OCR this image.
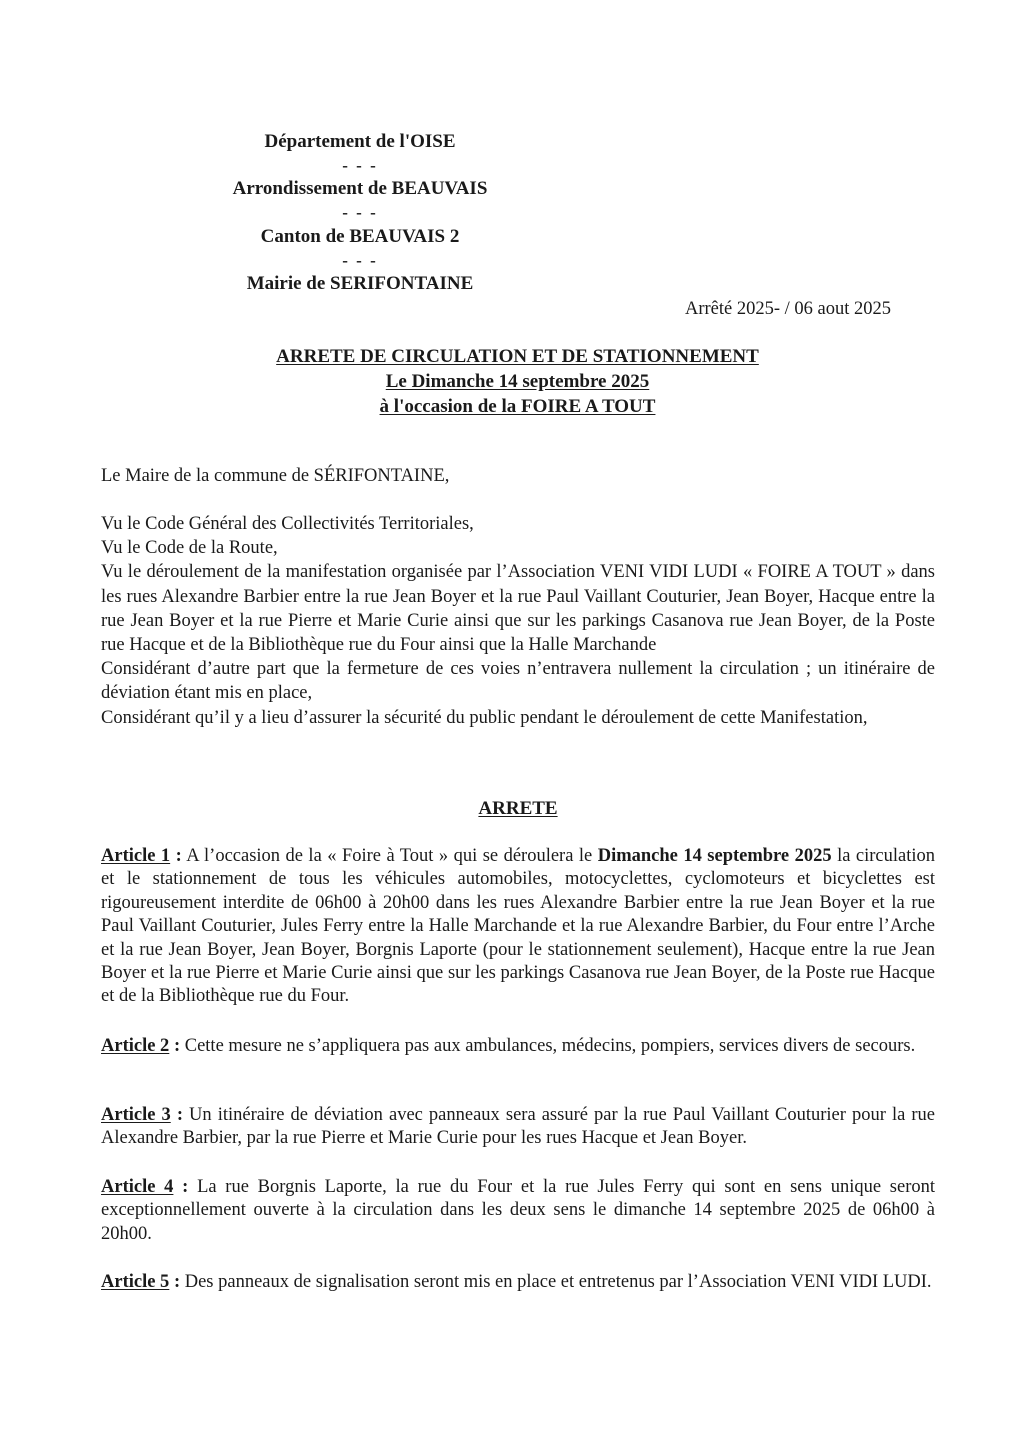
Département de l'OISE

- - -

Arrondissement de BEAUVAIS

- - -

Canton de BEAUVAIS 2

- - -

Mairie de SERIFONTAINE

Arrêté 2025- / 06 aout 2025
ARRETE DE CIRCULATION ET DE STATIONNEMENT
Le Dimanche 14 septembre 2025
à l'occasion de la FOIRE A TOUT

Le Maire de la commune de SÉRIFONTAINE,

Vu le Code Général des Collectivités Territoriales,

Vu le Code de la Route,

Vu le déroulement de la manifestation organisée par l’Association VENI VIDI LUDI « FOIRE A TOUT » dans les rues Alexandre Barbier entre la rue Jean Boyer et la rue Paul Vaillant Couturier, Jean Boyer, Hacque entre la rue Jean Boyer et la rue Pierre et Marie Curie ainsi que sur les parkings Casanova rue Jean Boyer, de la Poste rue Hacque et de la Bibliothèque rue du Four ainsi que la Halle Marchande

Considérant d’autre part que la fermeture de ces voies n’entravera nullement la circulation ; un itinéraire de déviation étant mis en place,

Considérant qu’il y a lieu d’assurer la sécurité du public pendant le déroulement de cette Manifestation,

ARRETE

Article 1 : A l’occasion de la « Foire à Tout » qui se déroulera le Dimanche 14 septembre 2025 la circulation et le stationnement de tous les véhicules automobiles, motocyclettes, cyclomoteurs et bicyclettes est rigoureusement interdite de 06h00 à 20h00 dans les rues Alexandre Barbier entre la rue Jean Boyer et la rue Paul Vaillant Couturier, Jules Ferry entre la Halle Marchande et la rue Alexandre Barbier, du Four entre l’Arche et la rue Jean Boyer, Jean Boyer, Borgnis Laporte (pour le stationnement seulement), Hacque entre la rue Jean Boyer et la rue Pierre et Marie Curie ainsi que sur les parkings Casanova rue Jean Boyer, de la Poste rue Hacque et de la Bibliothèque rue du Four.

Article 2 : Cette mesure ne s’appliquera pas aux ambulances, médecins, pompiers, services divers de secours.

Article 3 : Un itinéraire de déviation avec panneaux sera assuré par la rue Paul Vaillant Couturier pour la rue Alexandre Barbier, par la rue Pierre et Marie Curie pour les rues Hacque et Jean Boyer.

Article 4 : La rue Borgnis Laporte, la rue du Four et la rue Jules Ferry qui sont en sens unique seront exceptionnellement ouverte à la circulation dans les deux sens le dimanche 14 septembre 2025 de 06h00 à 20h00.

Article 5 : Des panneaux de signalisation seront mis en place et entretenus par l’Association VENI VIDI LUDI.
